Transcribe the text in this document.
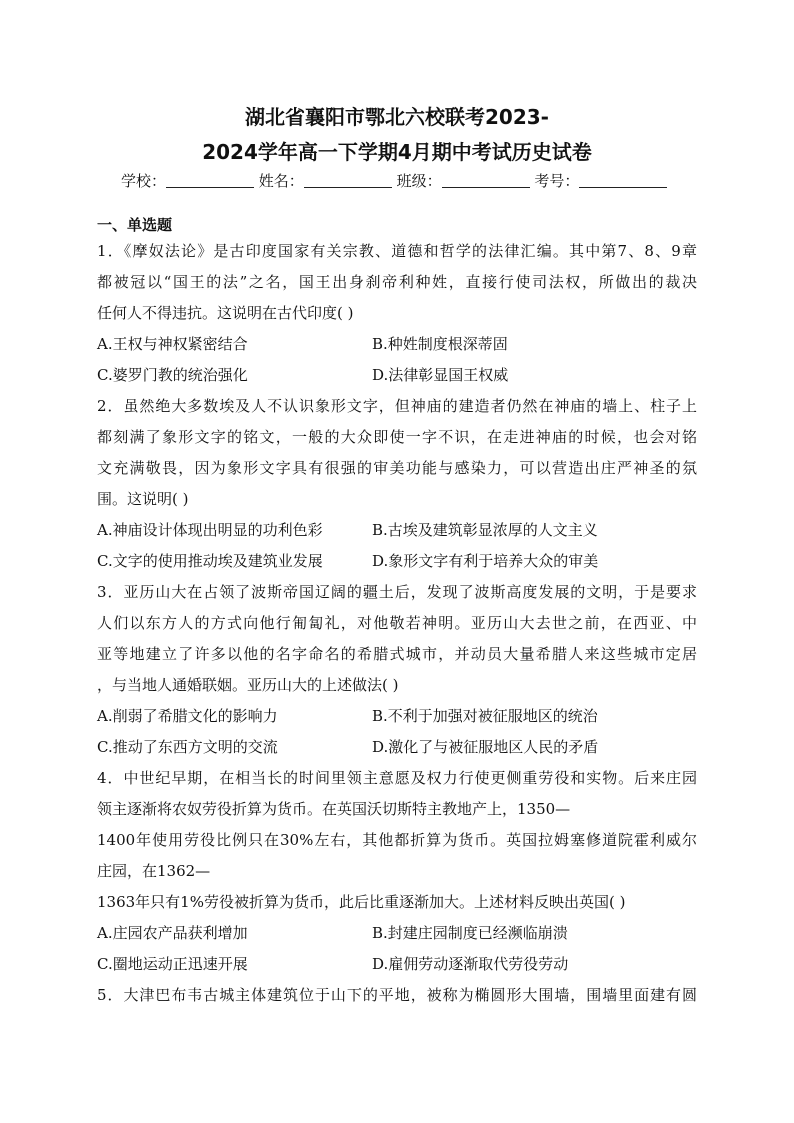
湖北省襄阳市鄂北六校联考2023-
2024学年高一下学期4月期中考试历史试卷
学校：	姓名：	班级：	考号：
一、单选题
1．《摩奴法论》是古印度国家有关宗教、道德和哲学的法律汇编。其中第7、8、9章
都被冠以“国王的法”之名，国王出身刹帝利种姓，直接行使司法权，所做出的裁决
任何人不得违抗。这说明在古代印度( )
A.王权与神权紧密结合	B.种姓制度根深蒂固
C.婆罗门教的统治强化	D.法律彰显国王权威
2．虽然绝大多数埃及人不认识象形文字，但神庙的建造者仍然在神庙的墙上、柱子上
都刻满了象形文字的铭文，一般的大众即使一字不识，在走进神庙的时候，也会对铭
文充满敬畏，因为象形文字具有很强的审美功能与感染力，可以营造出庄严神圣的氛
围。这说明( )
A.神庙设计体现出明显的功利色彩	B.古埃及建筑彰显浓厚的人文主义
C.文字的使用推动埃及建筑业发展	D.象形文字有利于培养大众的审美
3．亚历山大在占领了波斯帝国辽阔的疆土后，发现了波斯高度发展的文明，于是要求
人们以东方人的方式向他行匍匐礼，对他敬若神明。亚历山大去世之前，在西亚、中
亚等地建立了许多以他的名字命名的希腊式城市，并动员大量希腊人来这些城市定居
，与当地人通婚联姻。亚历山大的上述做法( )
A.削弱了希腊文化的影响力	B.不利于加强对被征服地区的统治
C.推动了东西方文明的交流	D.激化了与被征服地区人民的矛盾
4．中世纪早期，在相当长的时间里领主意愿及权力行使更侧重劳役和实物。后来庄园
领主逐渐将农奴劳役折算为货币。在英国沃切斯特主教地产上，1350—
1400年使用劳役比例只在30%左右，其他都折算为货币。英国拉姆塞修道院霍利威尔
庄园，在1362—
1363年只有1%劳役被折算为货币，此后比重逐渐加大。上述材料反映出英国( )
A.庄园农产品获利增加	B.封建庄园制度已经濒临崩溃
C.圈地运动正迅速开展	D.雇佣劳动逐渐取代劳役劳动
5．大津巴布韦古城主体建筑位于山下的平地，被称为椭圆形大围墙，围墙里面建有圆
